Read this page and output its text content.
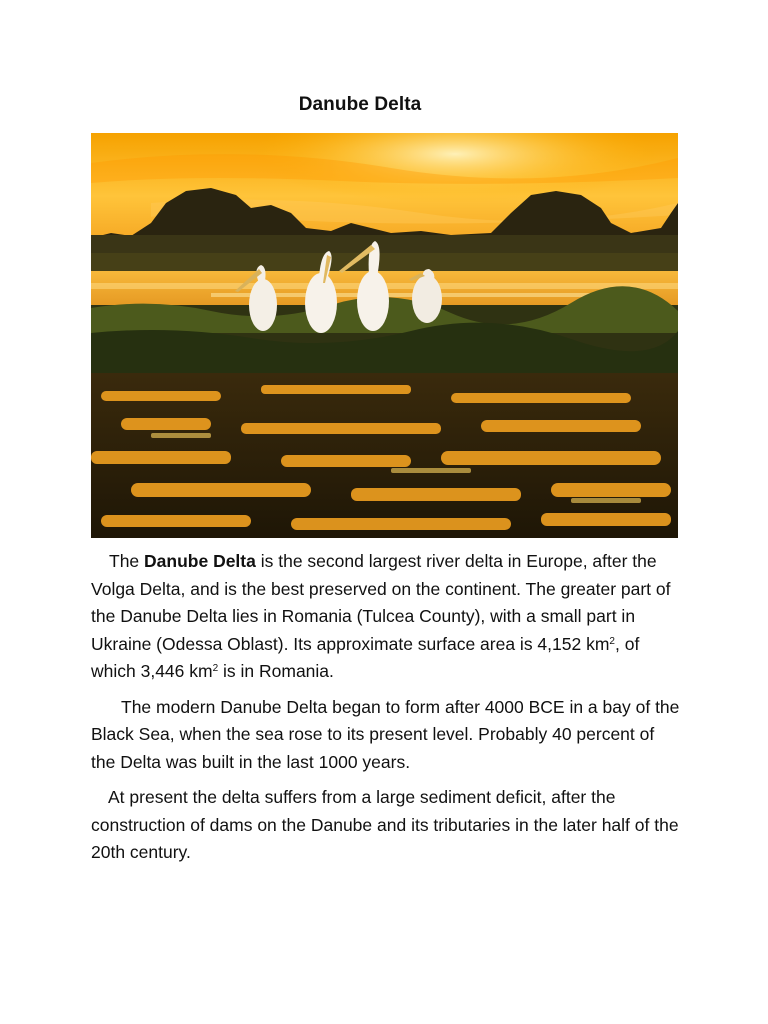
Danube Delta

The Danube Delta is the second largest river delta in Europe, after the Volga Delta, and is the best preserved on the continent. The greater part of the Danube Delta lies in Romania (Tulcea County), with a small part in Ukraine (Odessa Oblast). Its approximate surface area is 4,152 $km^2$, of which 3,446 $km^2$ is in Romania.

The modern Danube Delta began to form after 4000 BCE in a bay of the Black Sea, when the sea rose to its present level. Probably 40 percent of the Delta was built in the last 1000 years.

At present the delta suffers from a large sediment deficit, after the construction of dams on the Danube and its tributaries in the later half of the 20th century.
